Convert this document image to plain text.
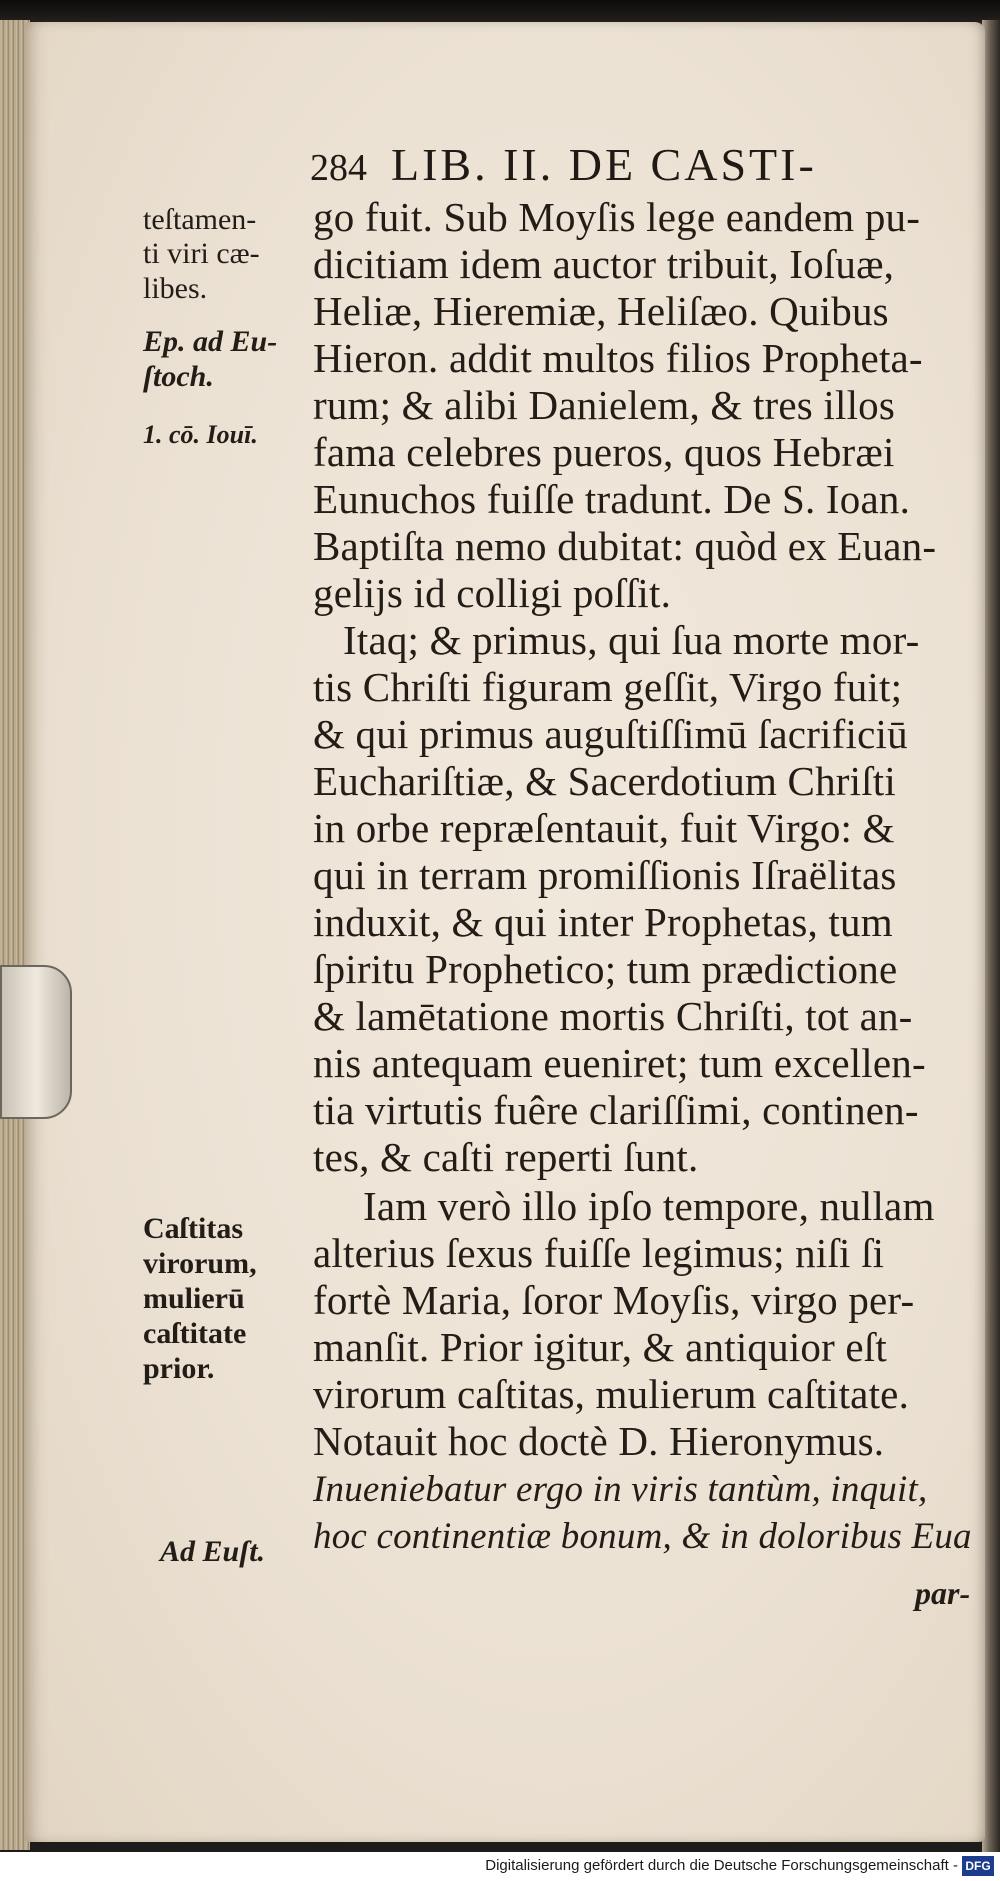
284 LIB. II. DE CASTI-
go fuit. Sub Moyſis lege eandem pu-
dicitiam idem auctor tribuit, Ioſuæ,
Heliæ, Hieremiæ, Heliſæo. Quibus
Hieron. addit multos filios Propheta-
rum; & alibi Danielem, & tres illos
fama celebres pueros, quos Hebræi
Eunuchos fuiſſe tradunt. De S. Ioan.
Baptiſta nemo dubitat: quòd ex Euan-
gelijs id colligi poſſit.
Itaq; & primus, qui ſua morte mor-
tis Chriſti figuram geſſit, Virgo fuit;
& qui primus auguſtiſſimū ſacrificiū
Euchariſtiæ, & Sacerdotium Chriſti
in orbe repræſentauit, fuit Virgo: &
qui in terram promiſſionis Iſraëlitas
induxit, & qui inter Prophetas, tum
ſpiritu Prophetico; tum prædictione
& lamētatione mortis Chriſti, tot an-
nis antequam eueniret; tum excellen-
tia virtutis fuêre clariſſimi, continen-
tes, & caſti reperti ſunt.
Iam verò illo ipſo tempore, nullam
alterius ſexus fuiſſe legimus; niſi ſi
fortè Maria, ſoror Moyſis, virgo per-
manſit. Prior igitur, & antiquior eſt
virorum caſtitas, mulierum caſtitate.
Notauit hoc doctè D. Hieronymus.
Inueniebatur ergo in viris tantùm, inquit,
hoc continentiæ bonum, & in doloribus Eua
teſtamen-
ti viri cæ-
libes.
Ep. ad Eu-
ſtoch.
1. cō. Iouī.
Caſtitas
virorum,
mulierū
caſtitate
prior.
Ad Euſt.
par-
Digitalisierung gefördert durch die Deutsche Forschungsgemeinschaft - DFG
